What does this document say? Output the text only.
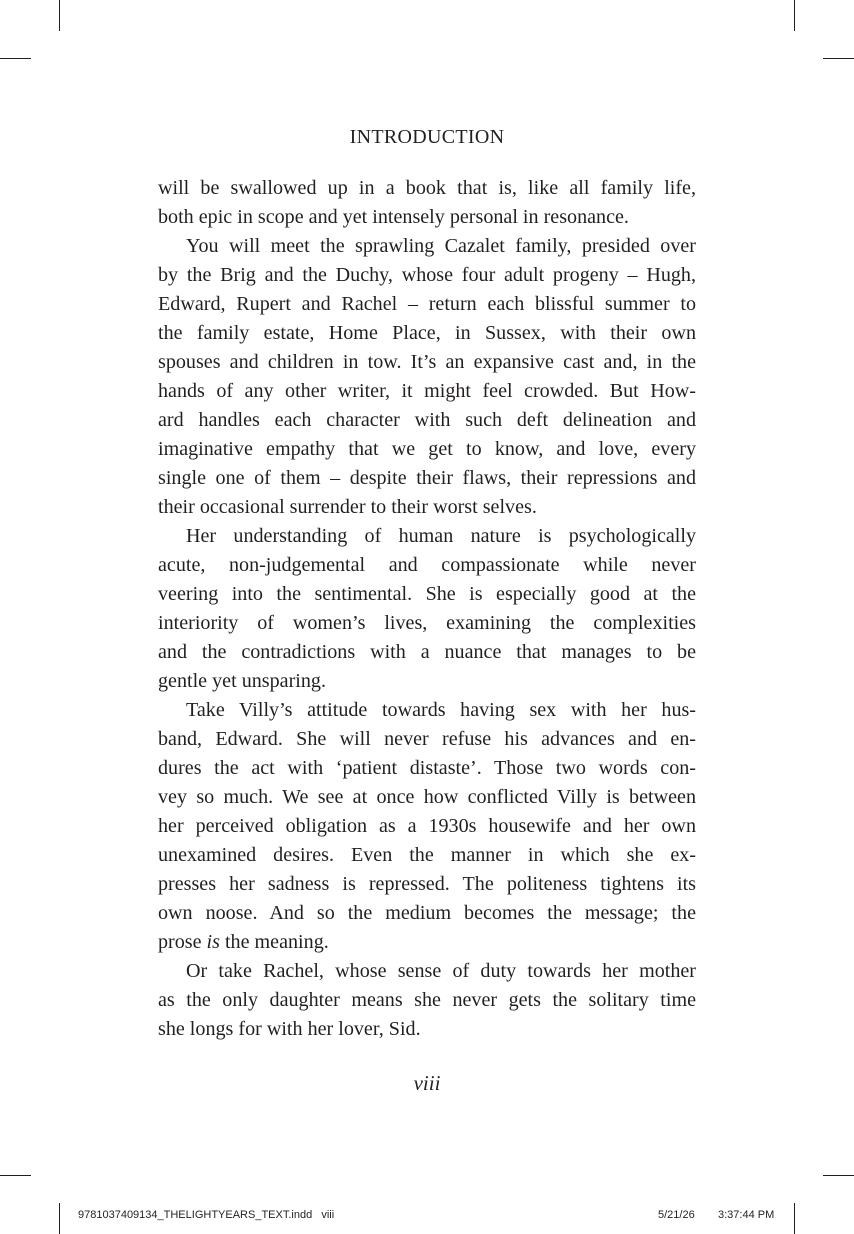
INTRODUCTION
will be swallowed up in a book that is, like all family life,
both epic in scope and yet intensely personal in resonance.
You will meet the sprawling Cazalet family, presided over
by the Brig and the Duchy, whose four adult progeny – Hugh,
Edward, Rupert and Rachel – return each blissful summer to
the family estate, Home Place, in Sussex, with their own
spouses and children in tow. It’s an expansive cast and, in the
hands of any other writer, it might feel crowded. But How-
ard handles each character with such deft delineation and
imaginative empathy that we get to know, and love, every
single one of them – despite their flaws, their repressions and
their occasional surrender to their worst selves.
Her understanding of human nature is psychologically
acute, non-judgemental and compassionate while never
veering into the sentimental. She is especially good at the
interiority of women’s lives, examining the complexities
and the contradictions with a nuance that manages to be
gentle yet unsparing.
Take Villy’s attitude towards having sex with her hus-
band, Edward. She will never refuse his advances and en-
dures the act with ‘patient distaste’. Those two words con-
vey so much. We see at once how conflicted Villy is between
her perceived obligation as a 1930s housewife and her own
unexamined desires. Even the manner in which she ex-
presses her sadness is repressed. The politeness tightens its
own noose. And so the medium becomes the message; the
prose is the meaning.
Or take Rachel, whose sense of duty towards her mother
as the only daughter means she never gets the solitary time
she longs for with her lover, Sid.
viii
9781037409134_THELIGHTYEARS_TEXT.indd   viii	5/21/26 3:37:44 PM
